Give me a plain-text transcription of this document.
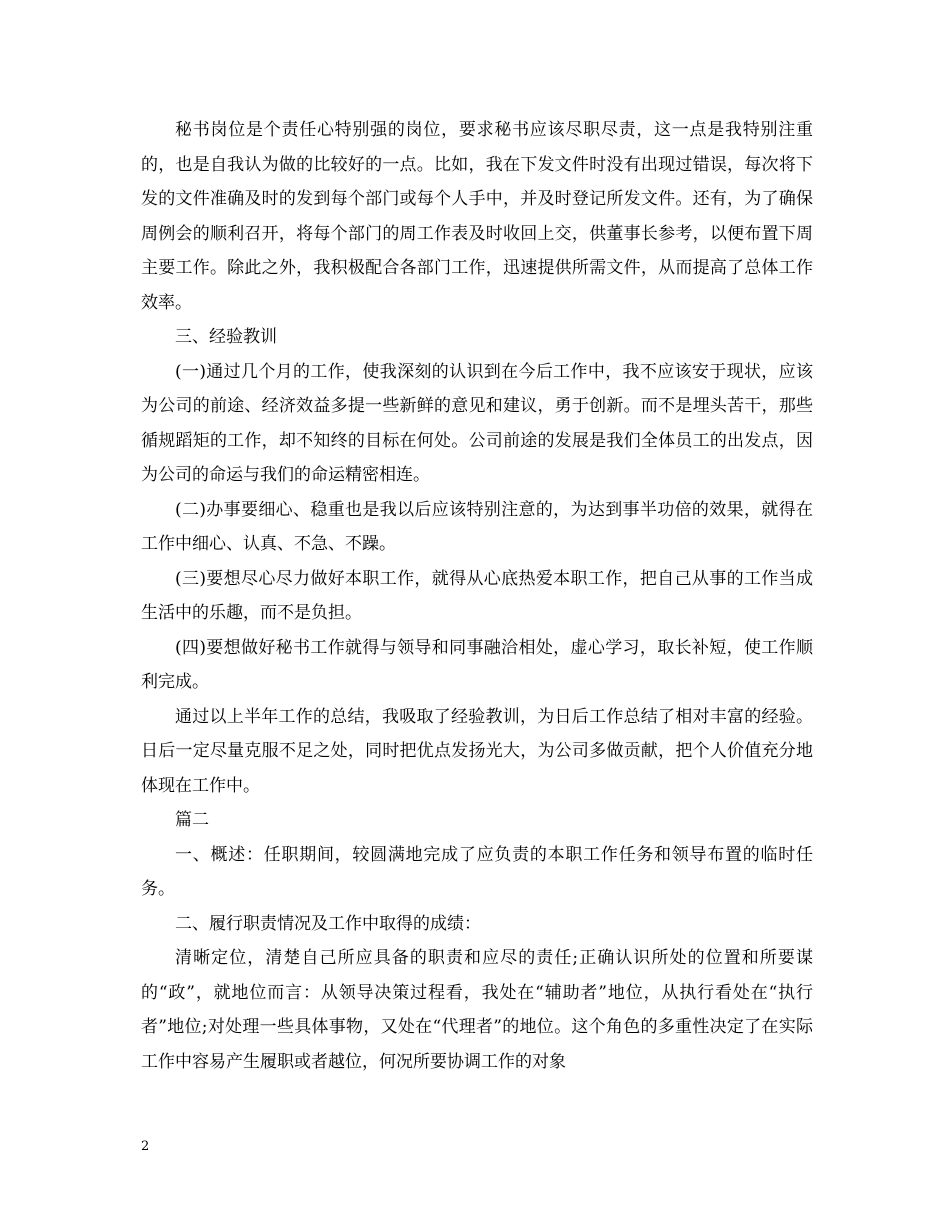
秘书岗位是个责任心特别强的岗位，要求秘书应该尽职尽责，这一点是我特别注重的，也是自我认为做的比较好的一点。比如，我在下发文件时没有出现过错误，每次将下发的文件准确及时的发到每个部门或每个人手中，并及时登记所发文件。还有，为了确保周例会的顺利召开，将每个部门的周工作表及时收回上交，供董事长参考，以便布置下周主要工作。除此之外，我积极配合各部门工作，迅速提供所需文件，从而提高了总体工作效率。

三、经验教训

(一)通过几个月的工作，使我深刻的认识到在今后工作中，我不应该安于现状，应该为公司的前途、经济效益多提一些新鲜的意见和建议，勇于创新。而不是埋头苦干，那些循规蹈矩的工作，却不知终的目标在何处。公司前途的发展是我们全体员工的出发点，因为公司的命运与我们的命运精密相连。

(二)办事要细心、稳重也是我以后应该特别注意的，为达到事半功倍的效果，就得在工作中细心、认真、不急、不躁。

(三)要想尽心尽力做好本职工作，就得从心底热爱本职工作，把自己从事的工作当成生活中的乐趣，而不是负担。

(四)要想做好秘书工作就得与领导和同事融洽相处，虚心学习，取长补短，使工作顺利完成。

通过以上半年工作的总结，我吸取了经验教训，为日后工作总结了相对丰富的经验。日后一定尽量克服不足之处，同时把优点发扬光大，为公司多做贡献，把个人价值充分地体现在工作中。

篇二

一、概述：任职期间，较圆满地完成了应负责的本职工作任务和领导布置的临时任务。

二、履行职责情况及工作中取得的成绩：

清晰定位，清楚自己所应具备的职责和应尽的责任;正确认识所处的位置和所要谋的“政”，就地位而言：从领导决策过程看，我处在“辅助者”地位，从执行看处在“执行者”地位;对处理一些具体事物，又处在“代理者”的地位。这个角色的多重性决定了在实际工作中容易产生履职或者越位，何况所要协调工作的对象

2
